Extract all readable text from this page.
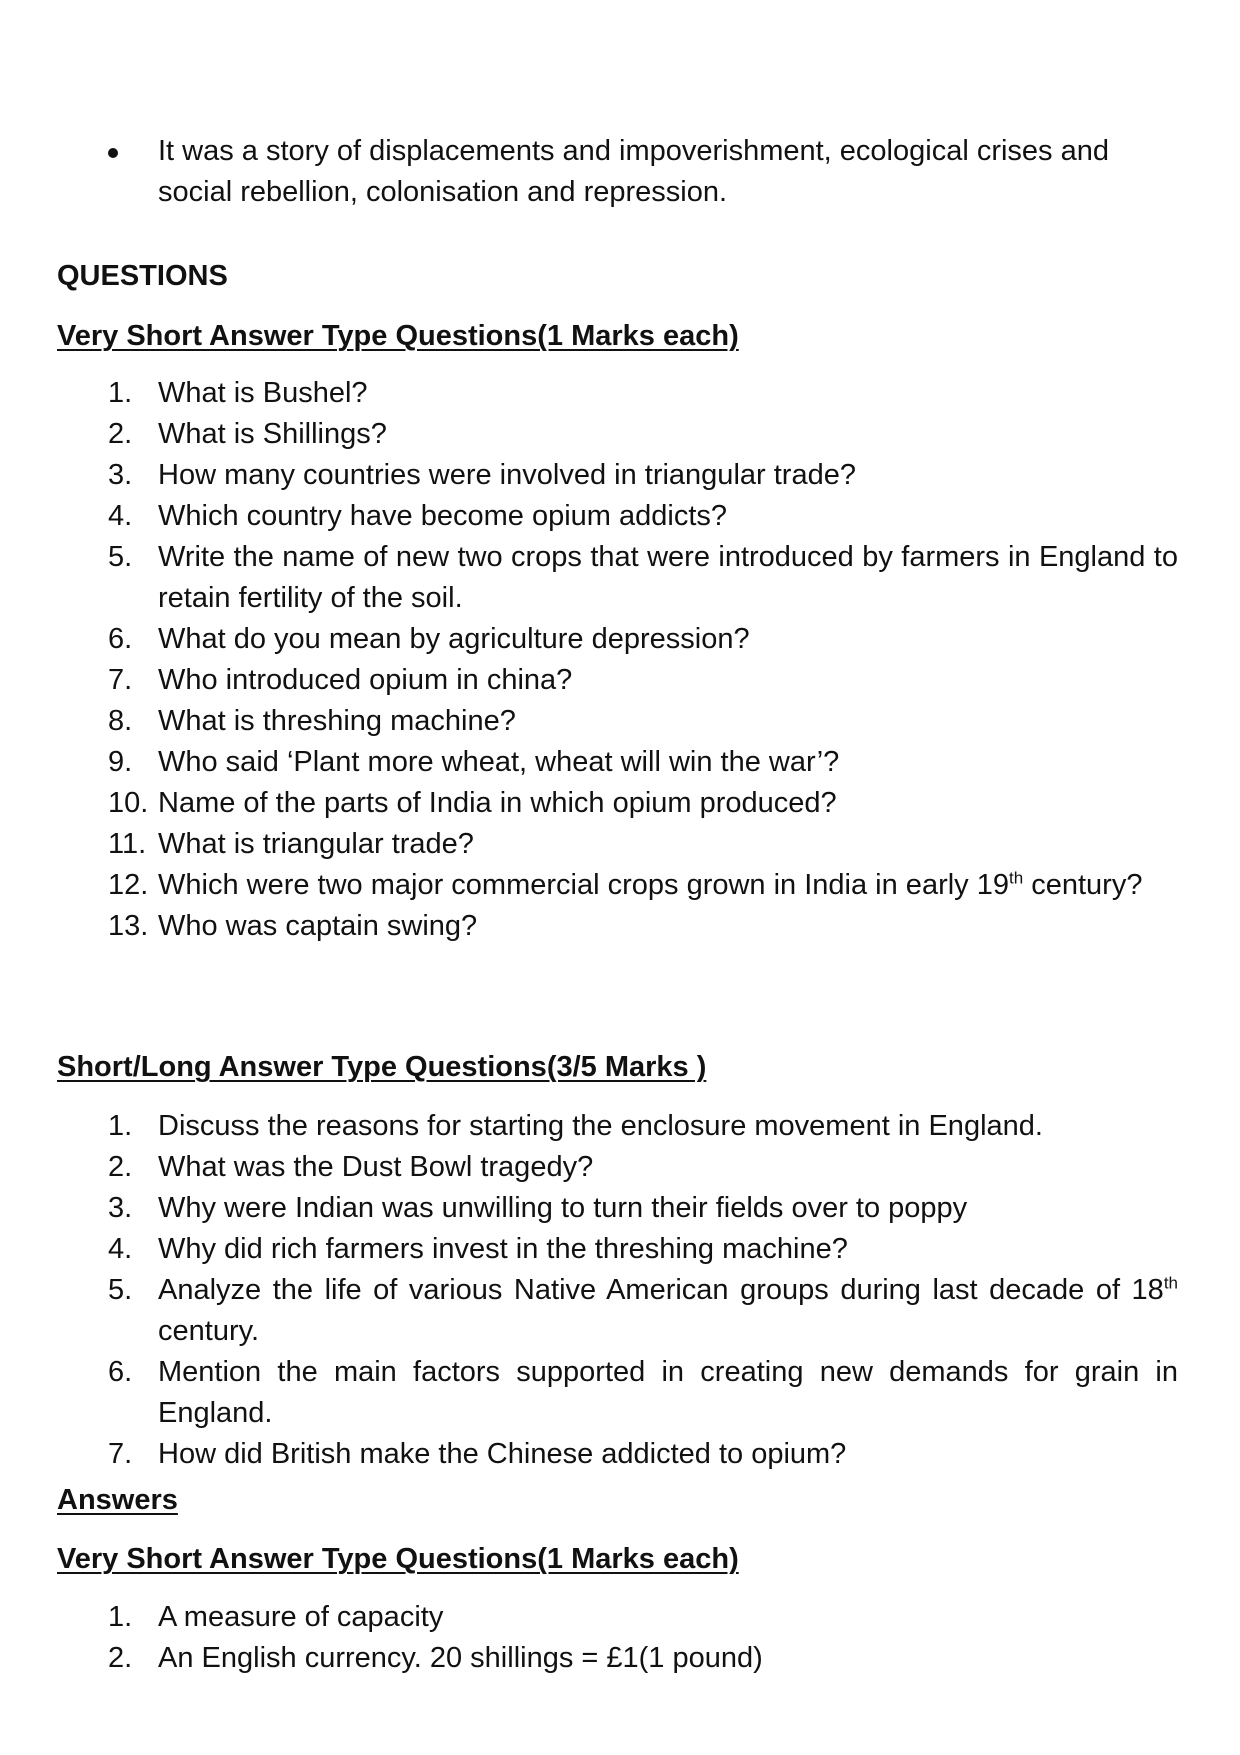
It was a story of displacements and impoverishment, ecological crises and social rebellion, colonisation and repression.
QUESTIONS
Very Short Answer Type Questions(1 Marks each)
1. What is Bushel?
2. What is Shillings?
3. How many countries were involved in triangular trade?
4. Which country have become opium addicts?
5. Write the name of new two crops that were introduced by farmers in England to retain fertility of the soil.
6. What do you mean by agriculture depression?
7. Who introduced opium in china?
8. What is threshing machine?
9. Who said ‘Plant more wheat, wheat will win the war’?
10. Name of the parts of India in which opium produced?
11. What is triangular trade?
12. Which were two major commercial crops grown in India in early 19th century?
13. Who was captain swing?
Short/Long Answer Type Questions(3/5 Marks )
1. Discuss the reasons for starting the enclosure movement in England.
2. What was the Dust Bowl tragedy?
3. Why were Indian was unwilling to turn their fields over to poppy
4. Why did rich farmers invest in the threshing machine?
5. Analyze the life of various Native American groups during last decade of 18th century.
6. Mention the main factors supported in creating new demands for grain in England.
7. How did British make the Chinese addicted to opium?
Answers
Very Short Answer Type Questions(1 Marks each)
1. A measure of capacity
2. An English currency. 20 shillings = £1(1 pound)
